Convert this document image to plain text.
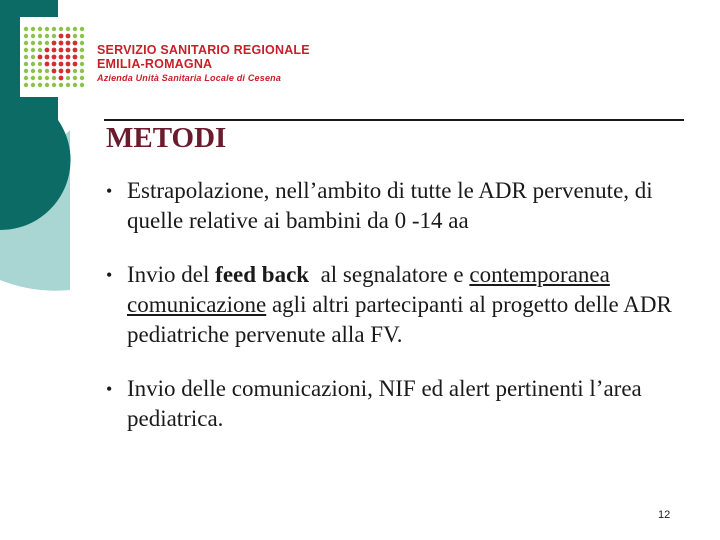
SERVIZIO SANITARIO REGIONALE
EMILIA-ROMAGNA
Azienda Unità Sanitaria Locale di Cesena
METODI
• Estrapolazione, nell’ambito di tutte le ADR pervenute, di quelle relative ai bambini da 0 -14 aa
• Invio del feed back  al segnalatore e contemporanea comunicazione agli altri partecipanti al progetto delle ADR pediatriche pervenute alla FV.
• Invio delle comunicazioni, NIF ed alert pertinenti l’area pediatrica.
12
